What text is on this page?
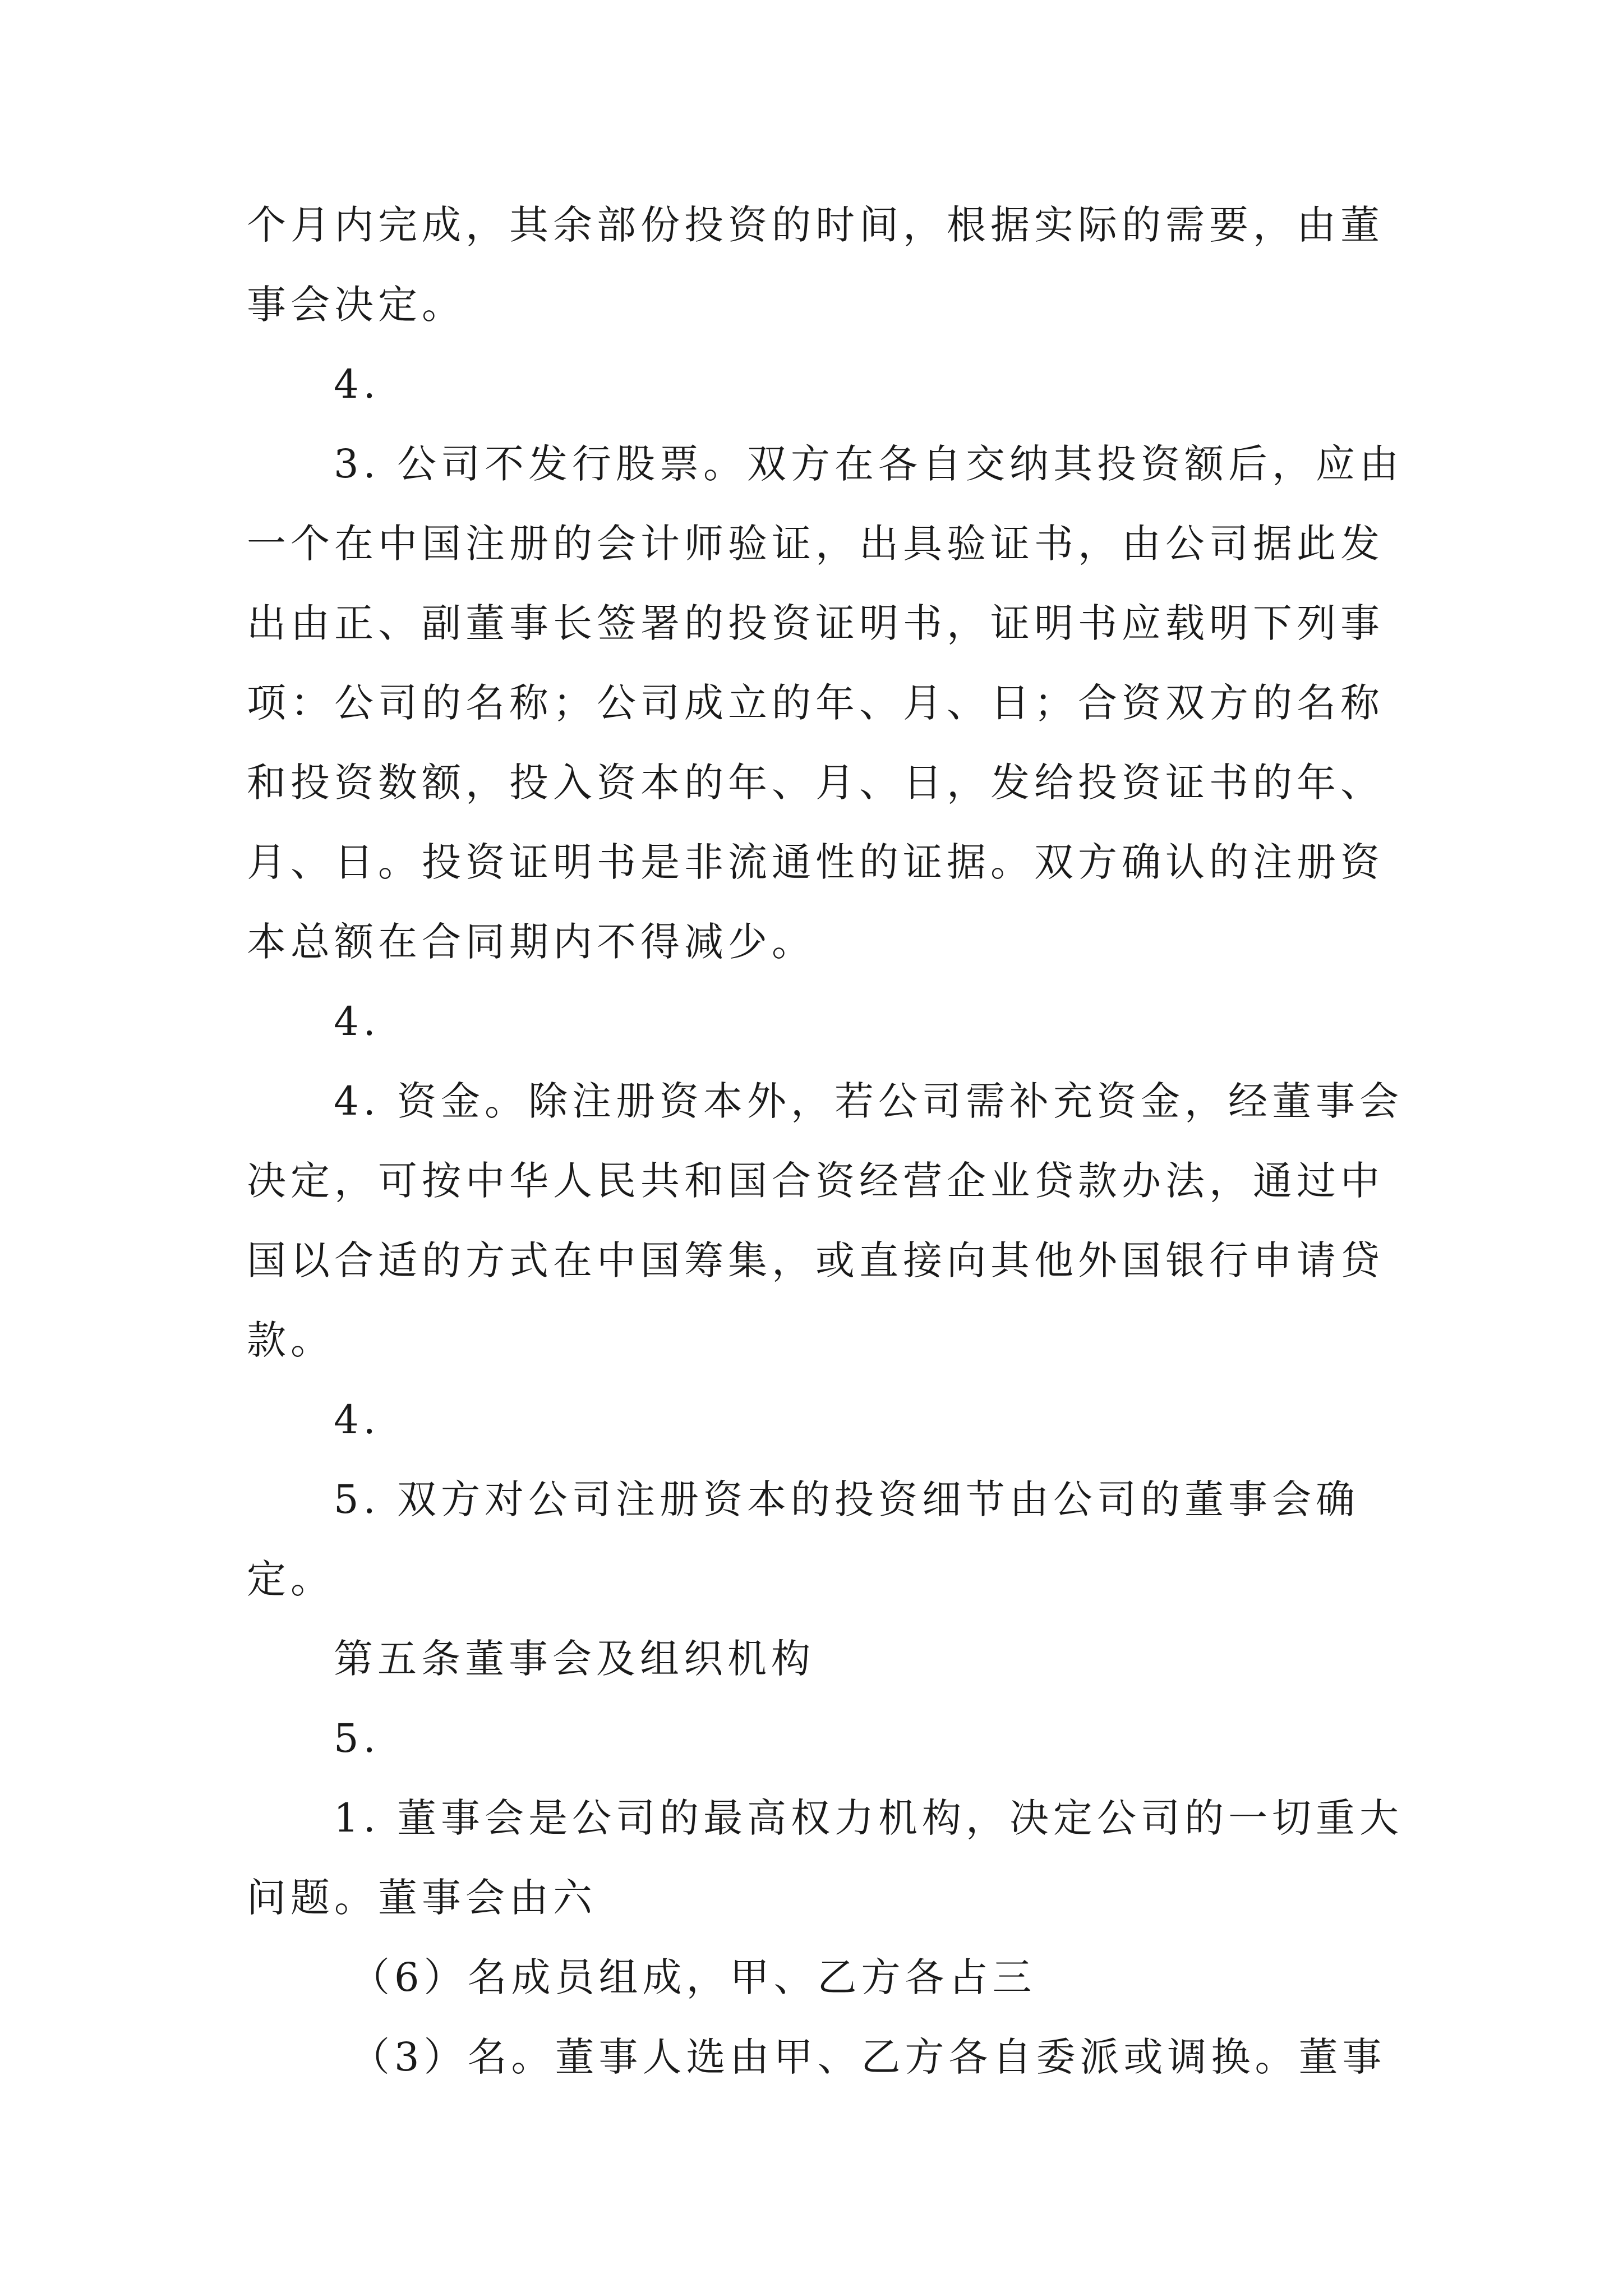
个月内完成，其余部份投资的时间，根据实际的需要，由董
事会决定。
4.
3. 公司不发行股票。双方在各自交纳其投资额后，应由
一个在中国注册的会计师验证，出具验证书，由公司据此发
出由正、副董事长签署的投资证明书，证明书应载明下列事
项：公司的名称；公司成立的年、月、日；合资双方的名称
和投资数额，投入资本的年、月、日，发给投资证书的年、
月、日。投资证明书是非流通性的证据。双方确认的注册资
本总额在合同期内不得减少。
4.
4. 资金。除注册资本外，若公司需补充资金，经董事会
决定，可按中华人民共和国合资经营企业贷款办法，通过中
国以合适的方式在中国筹集，或直接向其他外国银行申请贷
款。
4.
5. 双方对公司注册资本的投资细节由公司的董事会确
定。
第五条董事会及组织机构
5.
1. 董事会是公司的最高权力机构，决定公司的一切重大
问题。董事会由六
（6）名成员组成，甲、乙方各占三
（3）名。董事人选由甲、乙方各自委派或调换。董事
